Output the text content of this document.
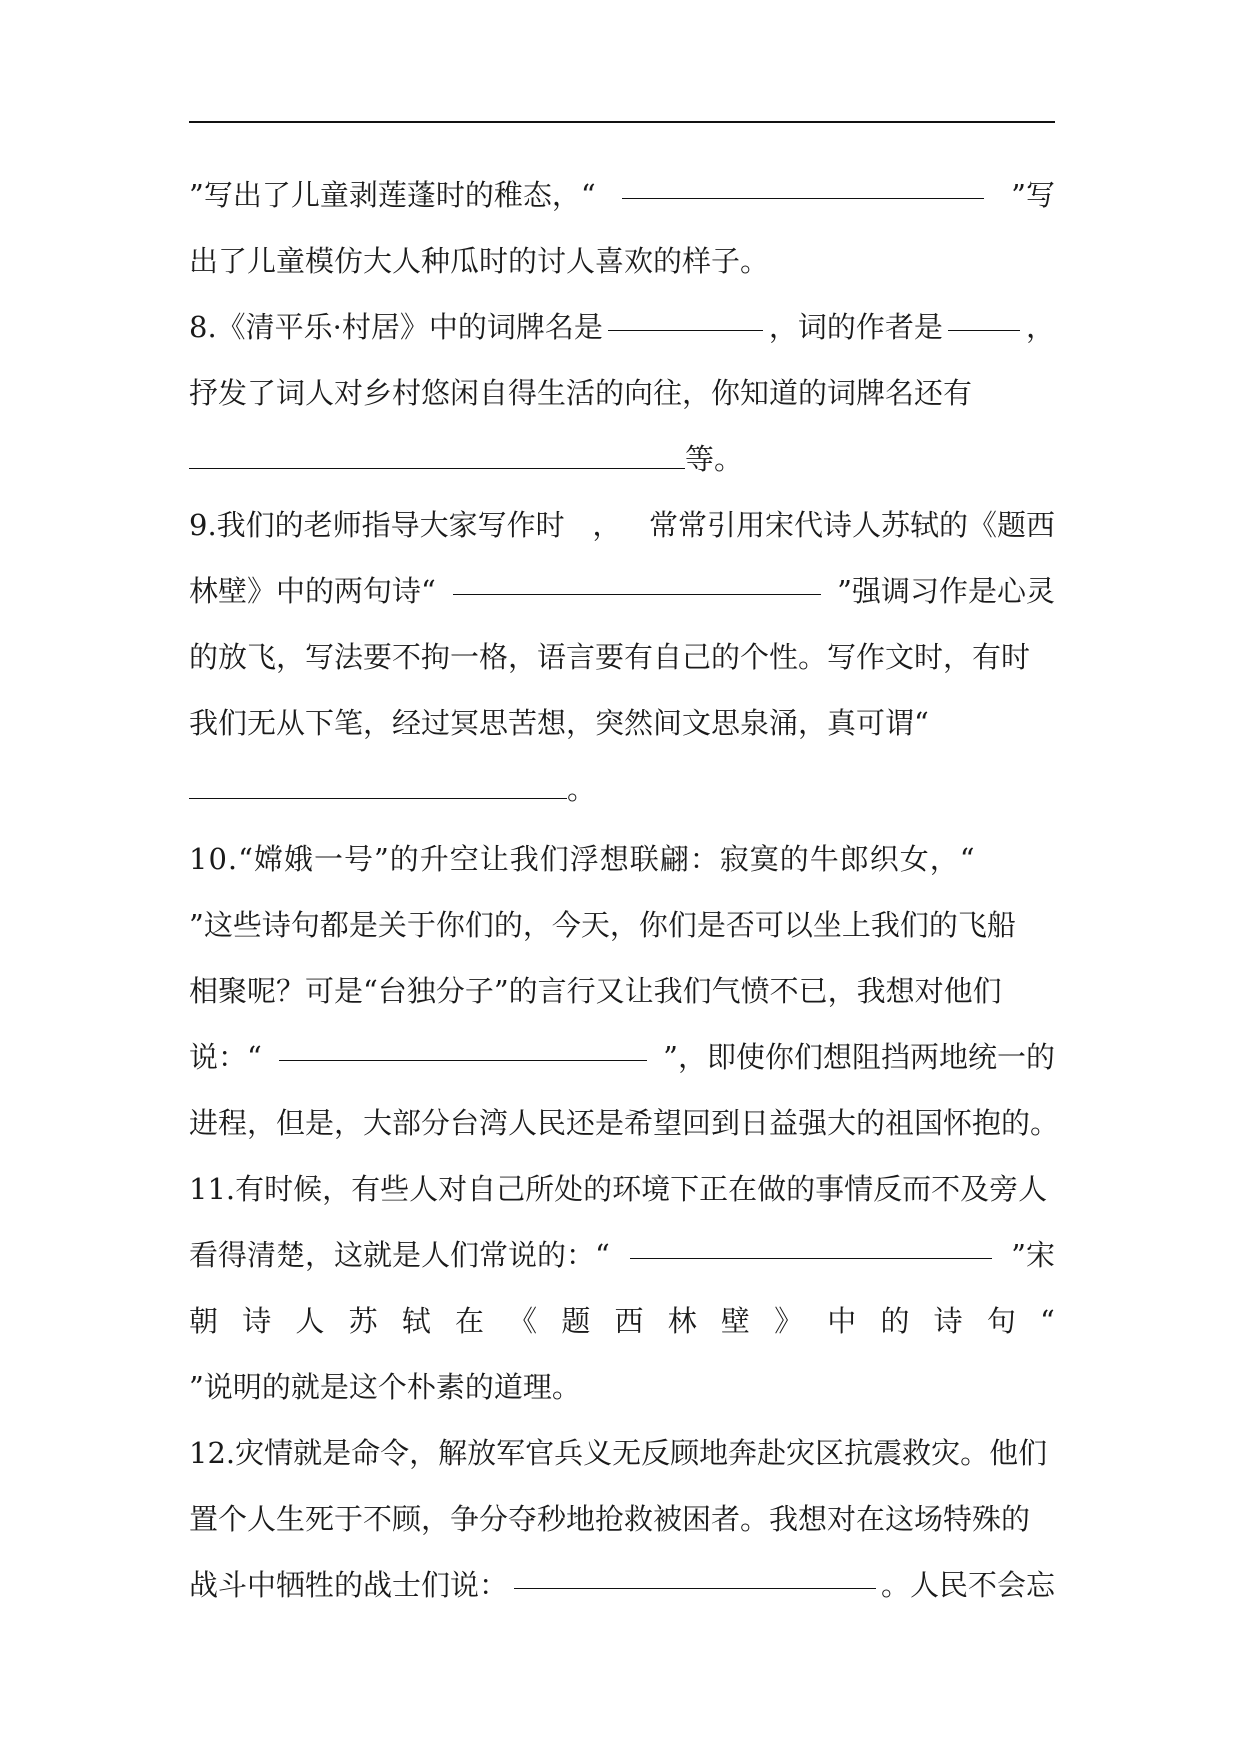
”写出了儿童剥莲蓬时的稚态，“	”写
出了儿童模仿大人种瓜时的讨人喜欢的样子。
8.《清平乐·村居》中的词牌名是	，词的作者是	，
抒发了词人对乡村悠闲自得生活的向往，你知道的词牌名还有
等。
9.我们的老师指导大家写作时 ， 常常引用宋代诗人苏轼的《题西
林壁》中的两句诗“	”强调习作是心灵
的放飞，写法要不拘一格，语言要有自己的个性。写作文时，有时
我们无从下笔，经过冥思苦想，突然间文思泉涌，真可谓“
。
10.“嫦娥一号”的升空让我们浮想联翩：寂寞的牛郎织女，“
”这些诗句都是关于你们的，今天，你们是否可以坐上我们的飞船
相聚呢？可是“台独分子”的言行又让我们气愤不已，我想对他们
说：“	”，即使你们想阻挡两地统一的
进程，但是，大部分台湾人民还是希望回到日益强大的祖国怀抱的。
11.有时候，有些人对自己所处的环境下正在做的事情反而不及旁人
看得清楚，这就是人们常说的：“	”宋
朝 诗 人 苏 轼 在 《 题 西 林 壁 》 中 的 诗 句 “
”说明的就是这个朴素的道理。
12.灾情就是命令，解放军官兵义无反顾地奔赴灾区抗震救灾。他们
置个人生死于不顾，争分夺秒地抢救被困者。我想对在这场特殊的
战斗中牺牲的战士们说：	。人民不会忘
